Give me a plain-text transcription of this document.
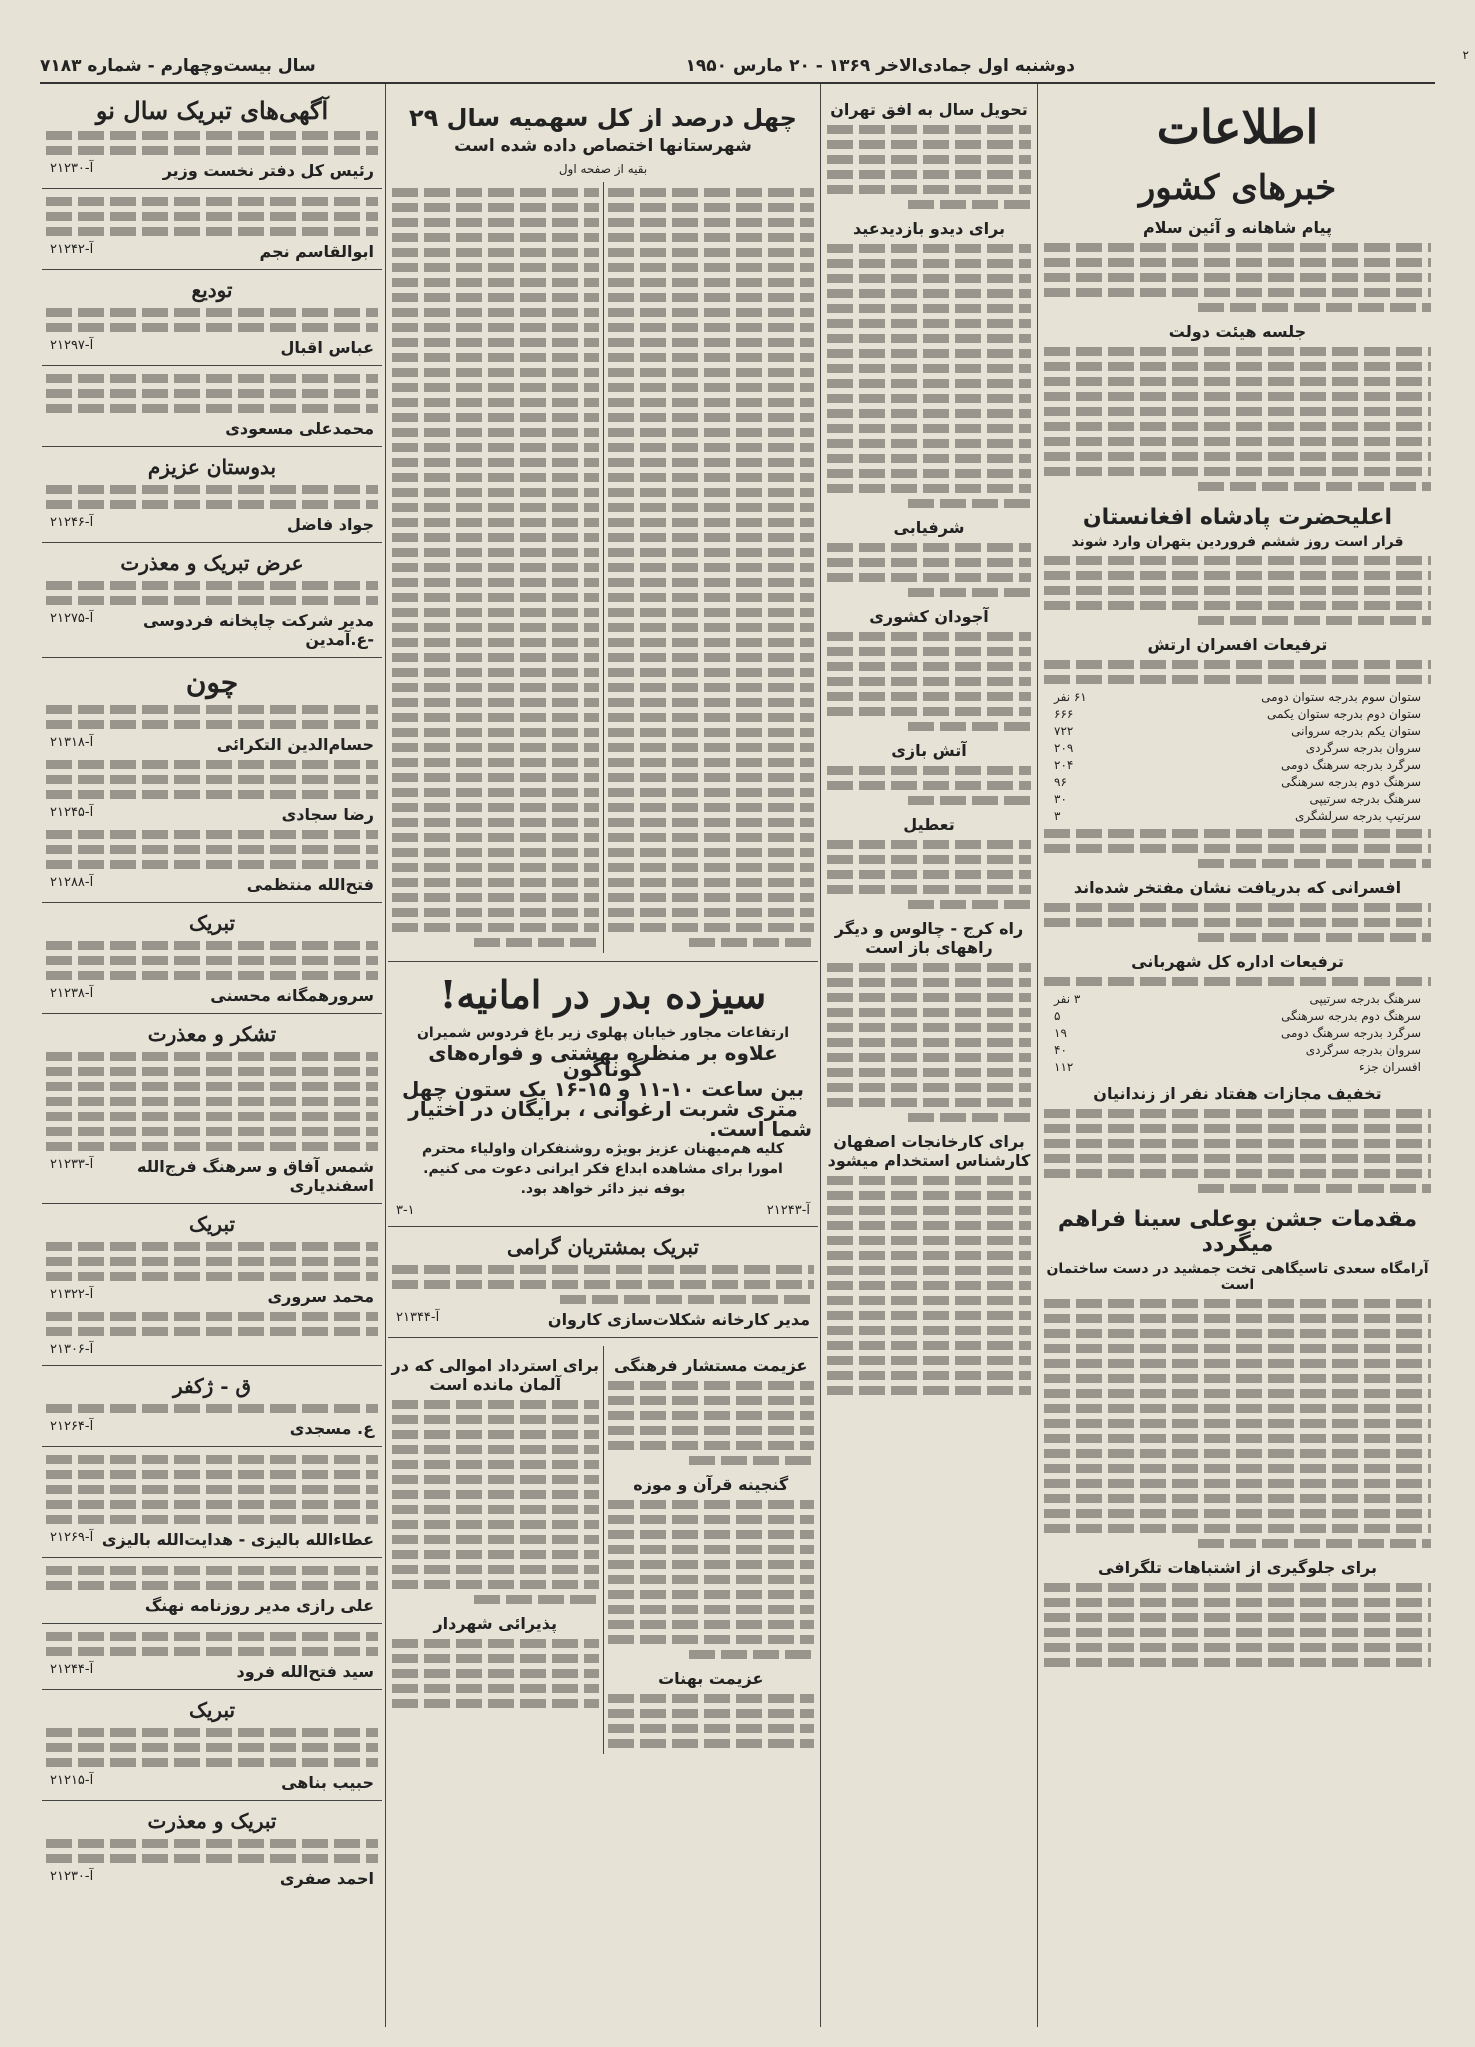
۲
دوشنبه اول جمادی‌الاخر ۱۳۶۹ - ۲۰ مارس ۱۹۵۰
سال بیست‌وچهارم - شماره ۷۱۸۳
اطلاعات
خبرهای کشور
پیام شاهانه و آئین سلام
جلسه هیئت دولت
اعلیحضرت پادشاه افغانستان
قرار است روز ششم فروردین بتهران وارد شوند
ترفیعات افسران ارتش
ستوان سوم بدرجه ستوان دومی
۶۱ نفر
ستوان دوم بدرجه ستوان یکمی
۶۶۶
ستوان یکم بدرجه سروانی
۷۲۲
سروان بدرجه سرگردی
۲۰۹
سرگرد بدرجه سرهنگ دومی
۲۰۴
سرهنگ دوم بدرجه سرهنگی
۹۶
سرهنگ بدرجه سرتیپی
۳۰
سرتیپ بدرجه سرلشگری
۳
افسرانی که بدریافت نشان مفتخر شده‌اند
ترفیعات اداره کل شهربانی
سرهنگ بدرجه سرتیپی
۳ نفر
سرهنگ دوم بدرجه سرهنگی
۵
سرگرد بدرجه سرهنگ دومی
۱۹
سروان بدرجه سرگردی
۴۰
افسران جزء
۱۱۲
تخفیف مجازات هفتاد نفر از زندانیان
مقدمات جشن بوعلی سینا فراهم میگردد
آرامگاه سعدی تاسیگاهی تخت جمشید در دست ساختمان است
برای جلوگیری از اشتباهات تلگرافی
تحویل سال به افق تهران
برای دیدو بازدیدعید
شرفیابی
آجودان کشوری
آتش بازی
تعطیل
راه کرج - چالوس و دیگر راههای باز است
برای کارخانجات اصفهان کارشناس استخدام میشود
چهل درصد از کل سهمیه سال ۲۹
شهرستانها اختصاص داده شده است
بقیه از صفحه اول
سیزده بدر در امانیه!
ارتفاعات مجاور خیابان پهلوی زیر باغ فردوس شمیران
علاوه بر منظره بهشتی و فواره‌های گوناگون
بین ساعت ۱۰-۱۱ و ۱۵-۱۶ یک ستون چهل
متری شربت ارغوانی ، برایگان در اختیار
شما است.
کلیه هم‌میهنان عزیز بویژه روشنفکران واولیاء محترم
امورا برای مشاهده ابداع فکر ایرانی دعوت می کنیم.
بوفه نیز دائر خواهد بود.
آ-۲۱۲۴۳
۳-۱
تبریک بمشتریان گرامی
مدیر کارخانه شکلات‌سازی کاروان
آ-۲۱۳۴۴
عزیمت مستشار فرهنگی
گنجینه قرآن و موزه
عزیمت بهنات
برای استرداد اموالی که در آلمان مانده است
پذیرائی شهردار
آگهی‌های تبریک سال نو
رئیس کل دفتر نخست وزیر
آ-۲۱۲۳۰
ابوالقاسم نجم
آ-۲۱۲۴۲
تودیع
عباس اقبال
آ-۲۱۲۹۷
محمدعلی مسعودی
بدوستان عزیزم
جواد فاضل
آ-۲۱۲۴۶
عرض تبریک و معذرت
مدیر شرکت چاپخانه فردوسی -ع.آمدین
آ-۲۱۲۷۵
چون
حسام‌الدین التکرائی
آ-۲۱۳۱۸
رضا سجادی
آ-۲۱۲۴۵
فتح‌الله منتظمی
آ-۲۱۲۸۸
تبریک
سرورهمگانه محسنی
آ-۲۱۲۳۸
تشکر و معذرت
شمس آفاق و سرهنگ فرج‌الله اسفندیاری
آ-۲۱۲۳۳
تبریک
محمد سروری
آ-۲۱۳۲۲
آ-۲۱۳۰۶
ق - ژکفر
ع. مسجدی
آ-۲۱۲۶۴
عطاءالله بالیزی - هدایت‌الله بالیزی
آ-۲۱۲۶۹
علی رازی مدیر روزنامه نهنگ
سید فتح‌الله فرود
آ-۲۱۲۴۴
تبریک
حبیب بناهی
آ-۲۱۲۱۵
تبریک و معذرت
احمد صفری
آ-۲۱۲۳۰
